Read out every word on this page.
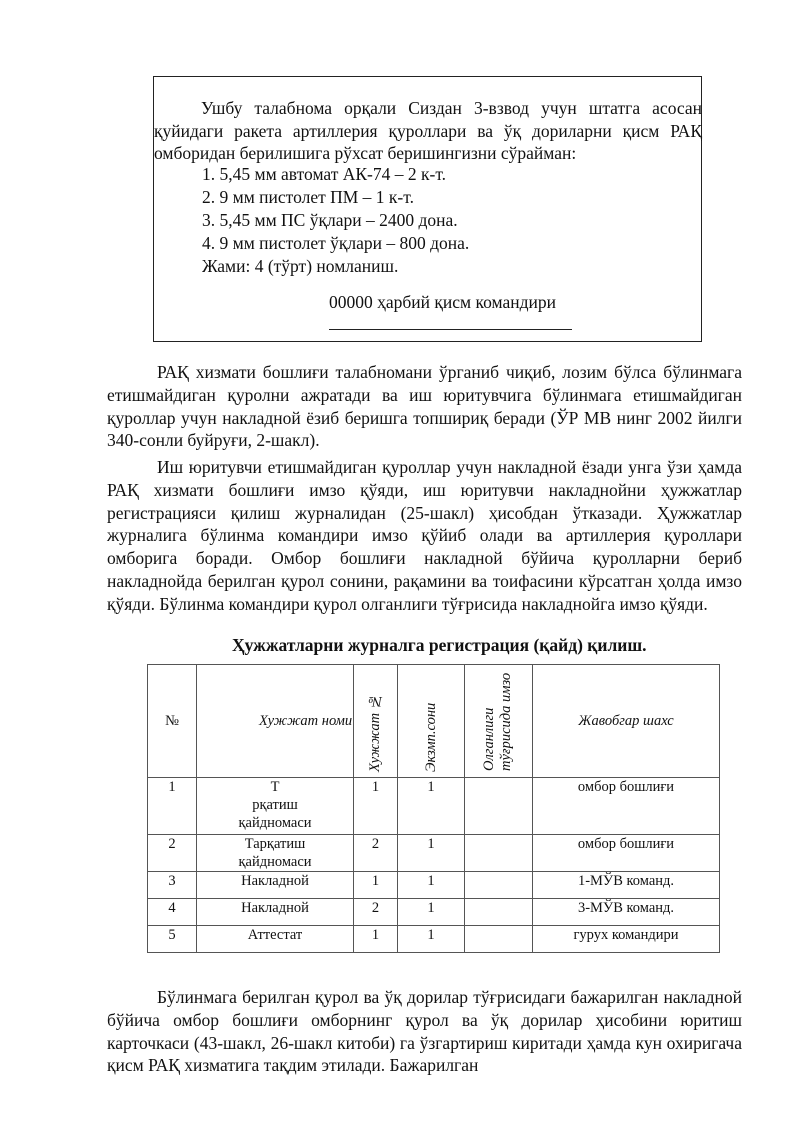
Ушбу талабнома орқали Сиздан 3-взвод учун штатга асосан қуйидаги ракета артиллерия қуроллари ва ўқ дориларни қисм РАҚ омборидан берилишига рўхсат беришингизни сўрайман:

1. 5,45 мм автомат АК-74 – 2 к-т.
2. 9 мм пистолет ПМ – 1 к-т.
3. 5,45 мм ПС ўқлари – 2400 дона.
4. 9 мм пистолет ўқлари – 800 дона.
Жами: 4 (тўрт) номланиш.
00000 ҳарбий қисм командири

РАҚ хизмати бошлиғи талабномани ўрганиб чиқиб, лозим бўлса бўлинмага етишмайдиган қуролни ажратади ва иш юритувчига бўлинмага етишмайдиган қуроллар учун накладной ёзиб беришга топшириқ беради (ЎР МВ нинг 2002 йилги 340-сонли буйруғи, 2-шакл).

Иш юритувчи етишмайдиган қуроллар учун накладной ёзади унга ўзи ҳамда РАҚ хизмати бошлиғи имзо қўяди, иш юритувчи накладнойни ҳужжатлар регистрацияси қилиш журналидан (25-шакл) ҳисобдан ўтказади. Ҳужжатлар журналига бўлинма командири имзо қўйиб олади ва артиллерия қуроллари омборига боради. Омбор бошлиғи накладной бўйича қуролларни бериб накладнойда берилган қурол сонини, рақамини ва тоифасини кўрсатган ҳолда имзо қўяди. Бўлинма командири қурол олганлиги тўғрисида накладнойга имзо қўяди.

Ҳужжатларни журналга регистрация (қайд) қилиш.
№	Хужжат номи	Хужжат №	Экзмп.сони	Олганлиги тўғрисида имзо	Жавобгар шахс
1	Т
рқатиш
қайдномаси	1	1		омбор бошлиғи
2	Тарқатиш
қайдномаси	2	1		омбор бошлиғи
3	Накладной	1	1		1-МЎВ команд.
4	Накладной	2	1		3-МЎВ команд.
5	Аттестат	1	1		гурух командири

Бўлинмага берилган қурол ва ўқ дорилар тўғрисидаги бажарилган накладной бўйича омбор бошлиғи омборнинг қурол ва ўқ дорилар ҳисобини юритиш карточкаси (43-шакл, 26-шакл китоби) га ўзгартириш киритади ҳамда кун охиригача қисм РАҚ хизматига тақдим этилади. Бажарилган
